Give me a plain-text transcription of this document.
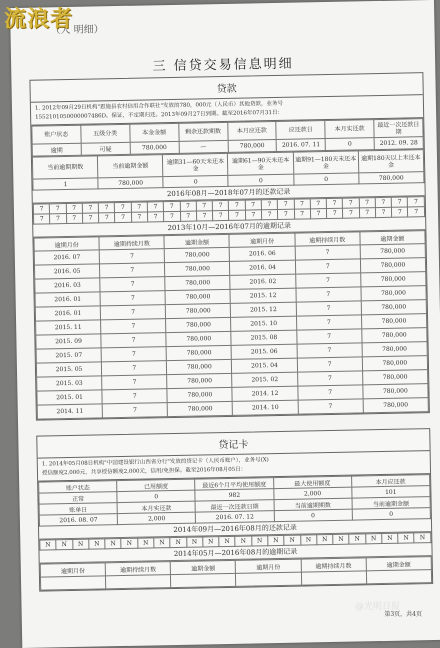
流浪者
（人 明细）
三 信贷交易信息明细
贷款
1. 2012年09月29日机构"恩施县农村信用合作联社"发放的780，000元（人民币）其他贷款，业务号
1552101050000007486D。保证，不定期归还。2013年09月27日到期。截至2016年07月31日：
账户状态	五级分类	本金金额	剩余还款期数	本月应还款	应还款日	本月实还款	最近一次还款日期
逾期	可疑	780,000	—	780,000	2016. 07. 11	0	2012. 09. 28
当前逾期期数	当前逾期金额	逾期31—60天未还本金	逾期61—90天未还本金	逾期91—180天未还本金	逾期180天以上未还本金
1	780,000	0	0	0	780,000
2016年08月—2018年07月的还款记录
7	7	7	7	7	7	7	7	7	7	7	7	7	7	7	7	7	7	7	7	7	7	7	7
7	7	7	7	7	7	7	7	7	7	7	7	7	7	7	7	7	7	7	7	7	7	7	7
2013年10月—2016年07月的逾期记录
逾期月份	逾期持续月数	逾期金额	逾期月份	逾期持续月数	逾期金额
2016. 07	7	780,000	2016. 06	7	780,000
2016. 05	7	780,000	2016. 04	7	780,000
2016. 03	7	780,000	2016. 02	7	780,000
2016. 01	7	780,000	2015. 12	7	780,000
2016. 01	7	780,000	2015. 12	7	780,000
2015. 11	7	780,000	2015. 10	7	780,000
2015. 09	7	780,000	2015. 08	7	780,000
2015. 07	7	780,000	2015. 06	7	780,000
2015. 05	7	780,000	2015. 04	7	780,000
2015. 03	7	780,000	2015. 02	7	780,000
2015. 01	7	780,000	2014. 12	7	780,000
2014. 11	7	780,000	2014. 10	7	780,000
贷记卡
1. 2014年05月08日机构"中国建设银行山西省分行"发放的贷记卡（人民币账户），业务号(X)
授信额度2,000元，共享授信额度2,000元，信用/免担保。截至2016年08月05日：
账户状态	已用额度	最近6个月平均使用额度	最大使用额度	本月应还款
正常	0	982	2,000	101
账单日	本月实还款	最近一次还款日期	当前逾期期数	当前逾期金额
2016. 08. 07	2,000	2016. 07. 12	0	0
2014年09月—2016年08月的还款记录
N	N	N	N	N	N	N	N	N	N	N	N	N	N	N	N	N	N	N	N	N	N	N	N
2014年05月—2016年08月的逾期记录
逾期月份	逾期持续月数	逾期金额	逾期月份	逾期持续月数	逾期金额

@光明日报
第3页，共4页
